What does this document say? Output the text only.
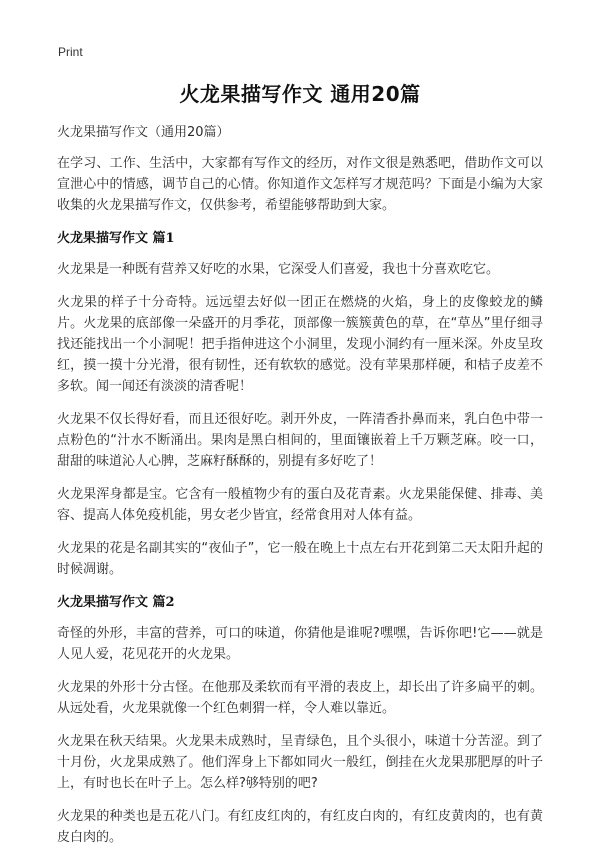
Print
火龙果描写作文 通用20篇

火龙果描写作文（通用20篇）

在学习、工作、生活中，大家都有写作文的经历，对作文很是熟悉吧，借助作文可以宣泄心中的情感，调节自己的心情。你知道作文怎样写才规范吗？下面是小编为大家收集的火龙果描写作文，仅供参考，希望能够帮助到大家。

火龙果描写作文 篇1

火龙果是一种既有营养又好吃的水果，它深受人们喜爱，我也十分喜欢吃它。

火龙果的样子十分奇特。远远望去好似一团正在燃烧的火焰，身上的皮像蛟龙的鳞片。火龙果的底部像一朵盛开的月季花，顶部像一簇簇黄色的草，在“草丛”里仔细寻找还能找出一个小洞呢！把手指伸进这个小洞里，发现小洞约有一厘米深。外皮呈玫红，摸一摸十分光滑，很有韧性，还有软软的感觉。没有苹果那样硬，和桔子皮差不多软。闻一闻还有淡淡的清香呢！

火龙果不仅长得好看，而且还很好吃。剥开外皮，一阵清香扑鼻而来，乳白色中带一点粉色的“汁水不断涌出。果肉是黑白相间的，里面镶嵌着上千万颗芝麻。咬一口，甜甜的味道沁人心脾，芝麻籽酥酥的，别提有多好吃了！

火龙果浑身都是宝。它含有一般植物少有的蛋白及花青素。火龙果能保健、排毒、美容、提高人体免疫机能，男女老少皆宜，经常食用对人体有益。

火龙果的花是名副其实的“夜仙子”，它一般在晚上十点左右开花到第二天太阳升起的时候凋谢。

火龙果描写作文 篇2

奇怪的外形，丰富的营养，可口的味道，你猜他是谁呢?嘿嘿，告诉你吧!它——就是人见人爱，花见花开的火龙果。

火龙果的外形十分古怪。在他那及柔软而有平滑的表皮上，却长出了许多扁平的刺。从远处看，火龙果就像一个红色刺猬一样，令人难以靠近。

火龙果在秋天结果。火龙果未成熟时，呈青绿色，且个头很小，味道十分苦涩。到了十月份，火龙果成熟了。他们浑身上下都如同火一般红，倒挂在火龙果那肥厚的叶子上，有时也长在叶子上。怎么样?够特别的吧?

火龙果的种类也是五花八门。有红皮红肉的，有红皮白肉的，有红皮黄肉的，也有黄皮白肉的。
